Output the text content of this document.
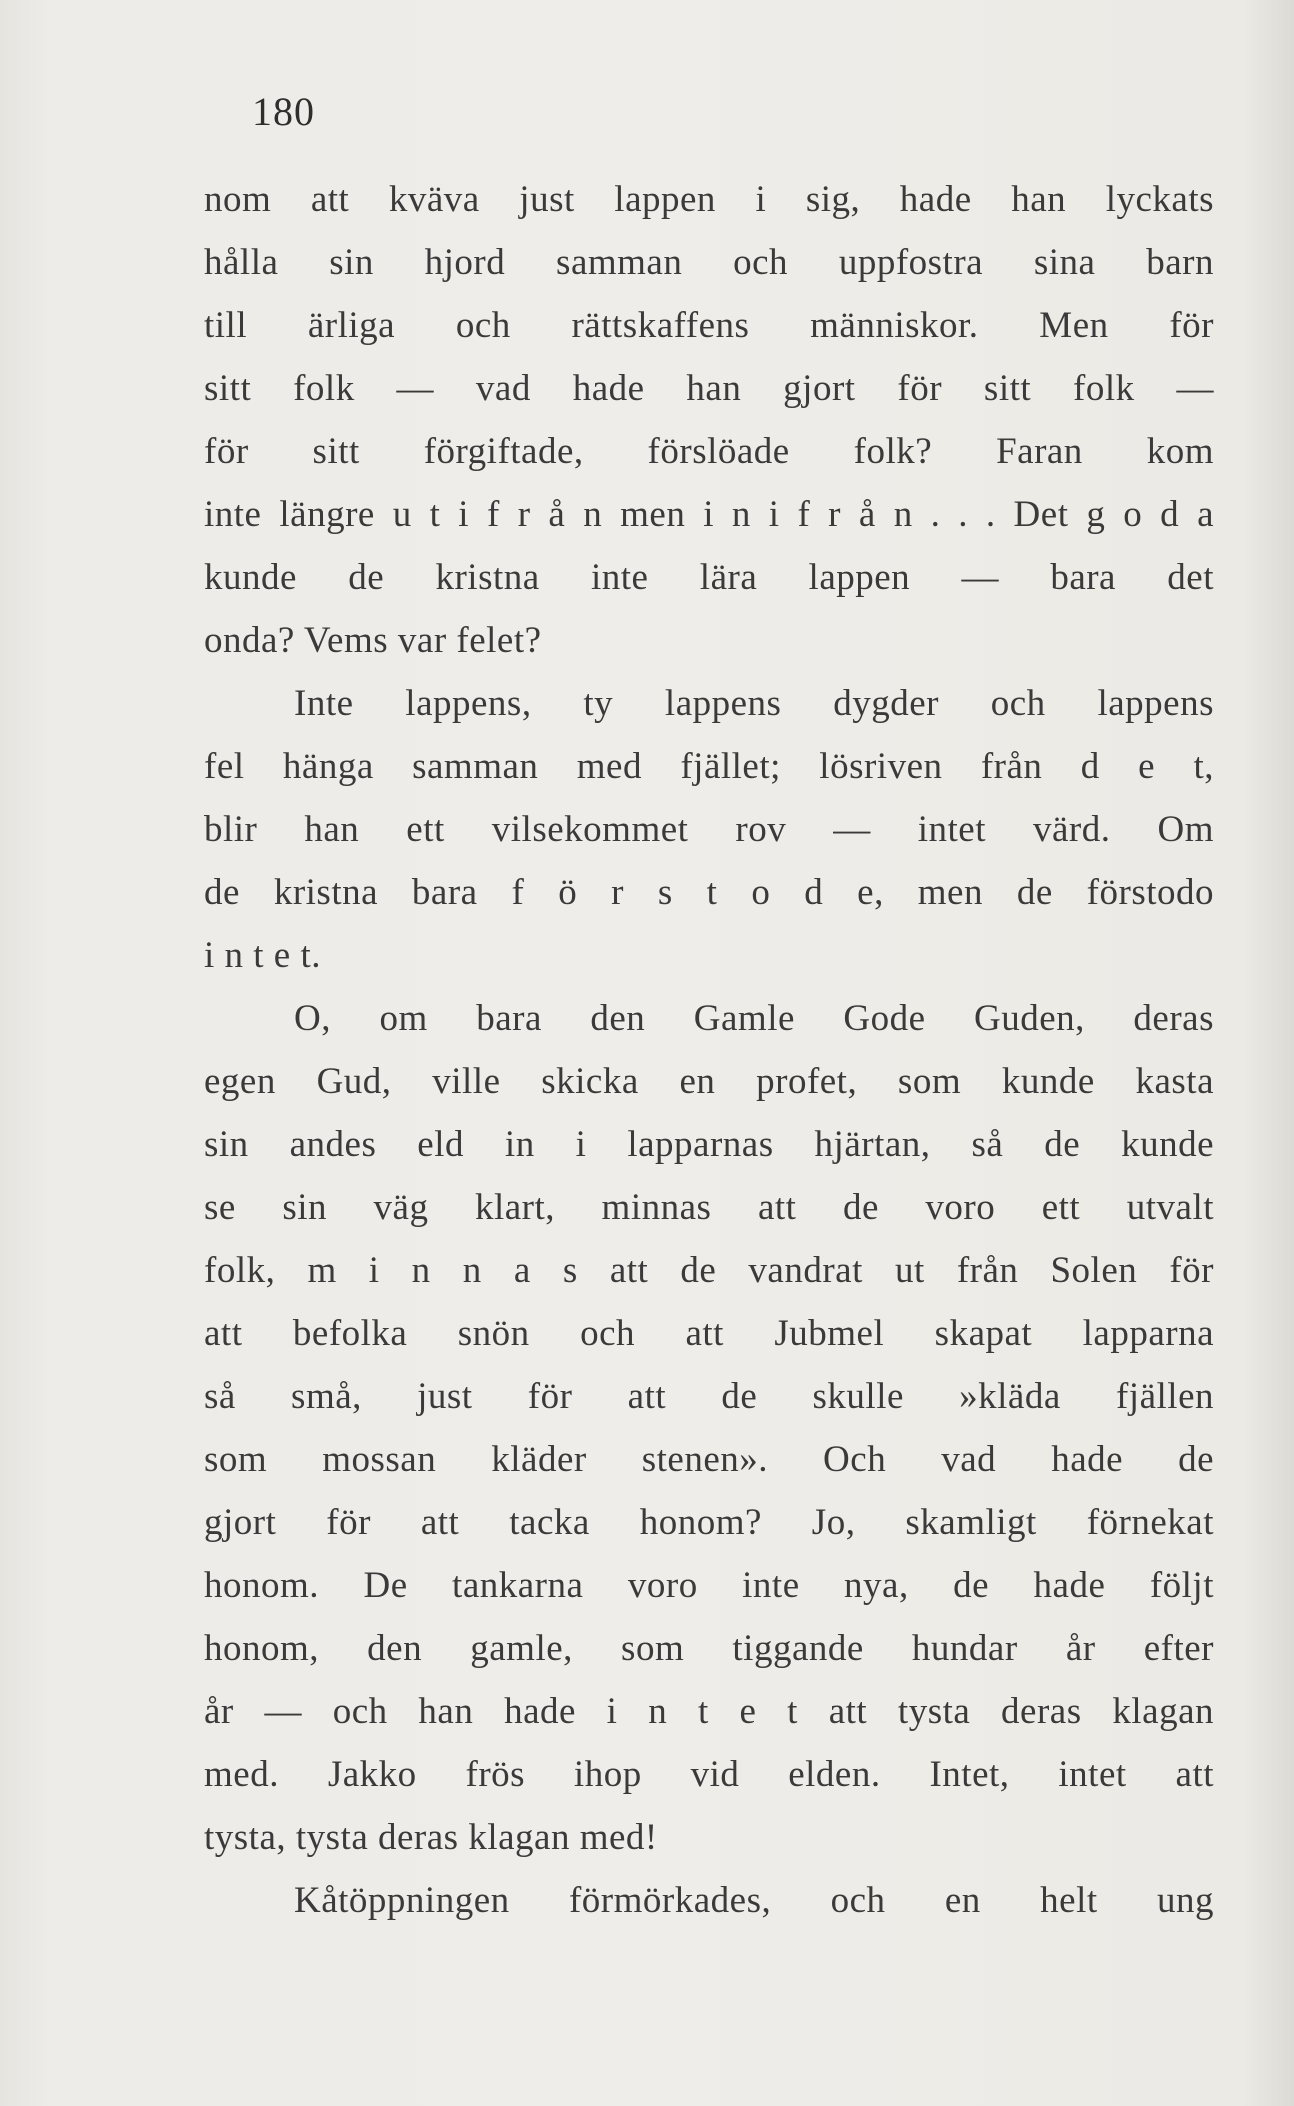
180
nom att kväva just lappen i sig, hade han lyckats
hålla sin hjord samman och uppfostra sina barn
till ärliga och rättskaffens människor. Men för
sitt folk — vad hade han gjort för sitt folk —
för sitt förgiftade, förslöade folk? Faran kom
inte längre u t i f r å n men i n i f r å n . . . Det g o d a
kunde de kristna inte lära lappen — bara det
onda? Vems var felet?
Inte lappens, ty lappens dygder och lappens
fel hänga samman med fjället; lösriven från d e t,
blir han ett vilsekommet rov — intet värd. Om
de kristna bara f ö r s t o d e, men de förstodo
i n t e t.
O, om bara den Gamle Gode Guden, deras
egen Gud, ville skicka en profet, som kunde kasta
sin andes eld in i lapparnas hjärtan, så de kunde
se sin väg klart, minnas att de voro ett utvalt
folk, m i n n a s att de vandrat ut från Solen för
att befolka snön och att Jubmel skapat lapparna
så små, just för att de skulle »kläda fjällen
som mossan kläder stenen». Och vad hade de
gjort för att tacka honom? Jo, skamligt förnekat
honom. De tankarna voro inte nya, de hade följt
honom, den gamle, som tiggande hundar år efter
år — och han hade i n t e t att tysta deras klagan
med. Jakko frös ihop vid elden. Intet, intet att
tysta, tysta deras klagan med!
Kåtöppningen förmörkades, och en helt ung
